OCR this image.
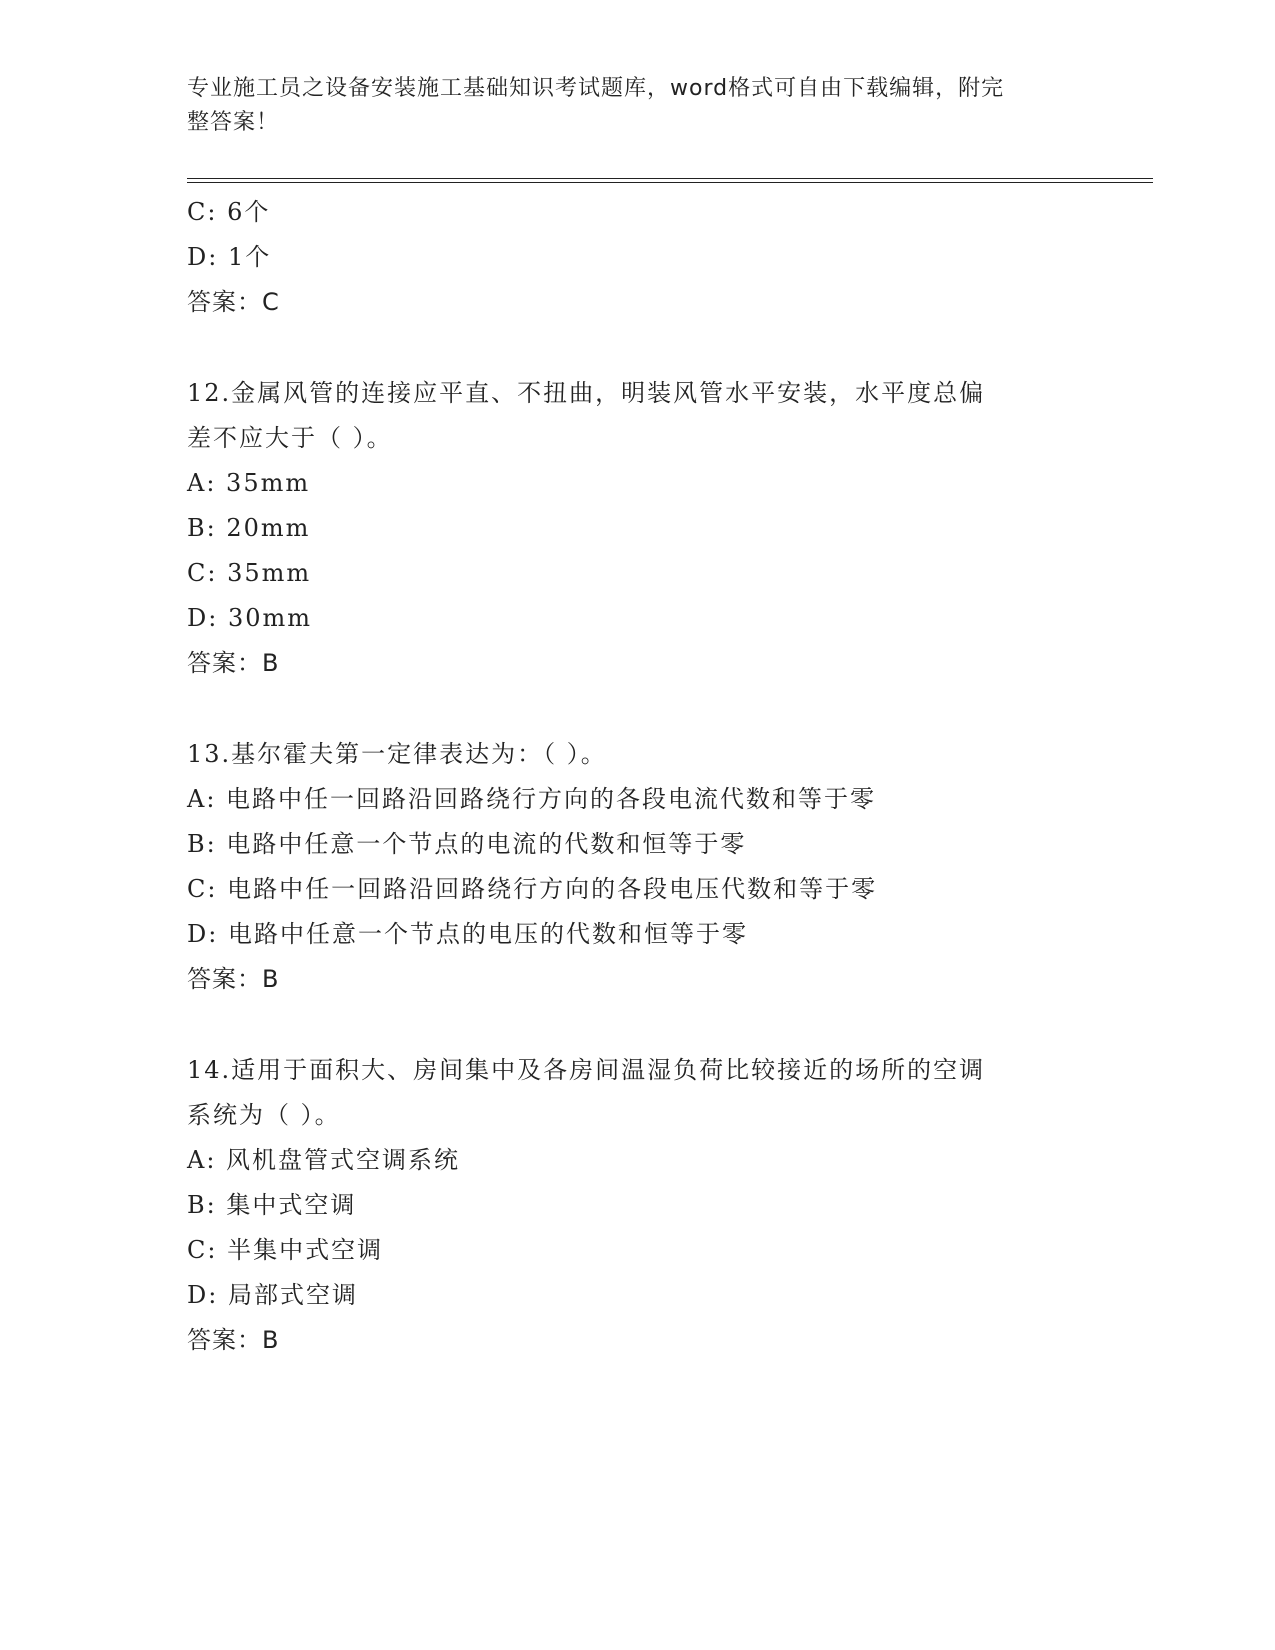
专业施工员之设备安装施工基础知识考试题库，word格式可自由下载编辑，附完
整答案！
C: 6个
D: 1个
答案：C
12.金属风管的连接应平直、不扭曲，明装风管水平安装，水平度总偏
差不应大于（ ）。
A: 35mm
B: 20mm
C: 35mm
D: 30mm
答案：B
13.基尔霍夫第一定律表达为：（ ）。
A: 电路中任一回路沿回路绕行方向的各段电流代数和等于零
B: 电路中任意一个节点的电流的代数和恒等于零
C: 电路中任一回路沿回路绕行方向的各段电压代数和等于零
D: 电路中任意一个节点的电压的代数和恒等于零
答案：B
14.适用于面积大、房间集中及各房间温湿负荷比较接近的场所的空调
系统为（ ）。
A: 风机盘管式空调系统
B: 集中式空调
C: 半集中式空调
D: 局部式空调
答案：B
